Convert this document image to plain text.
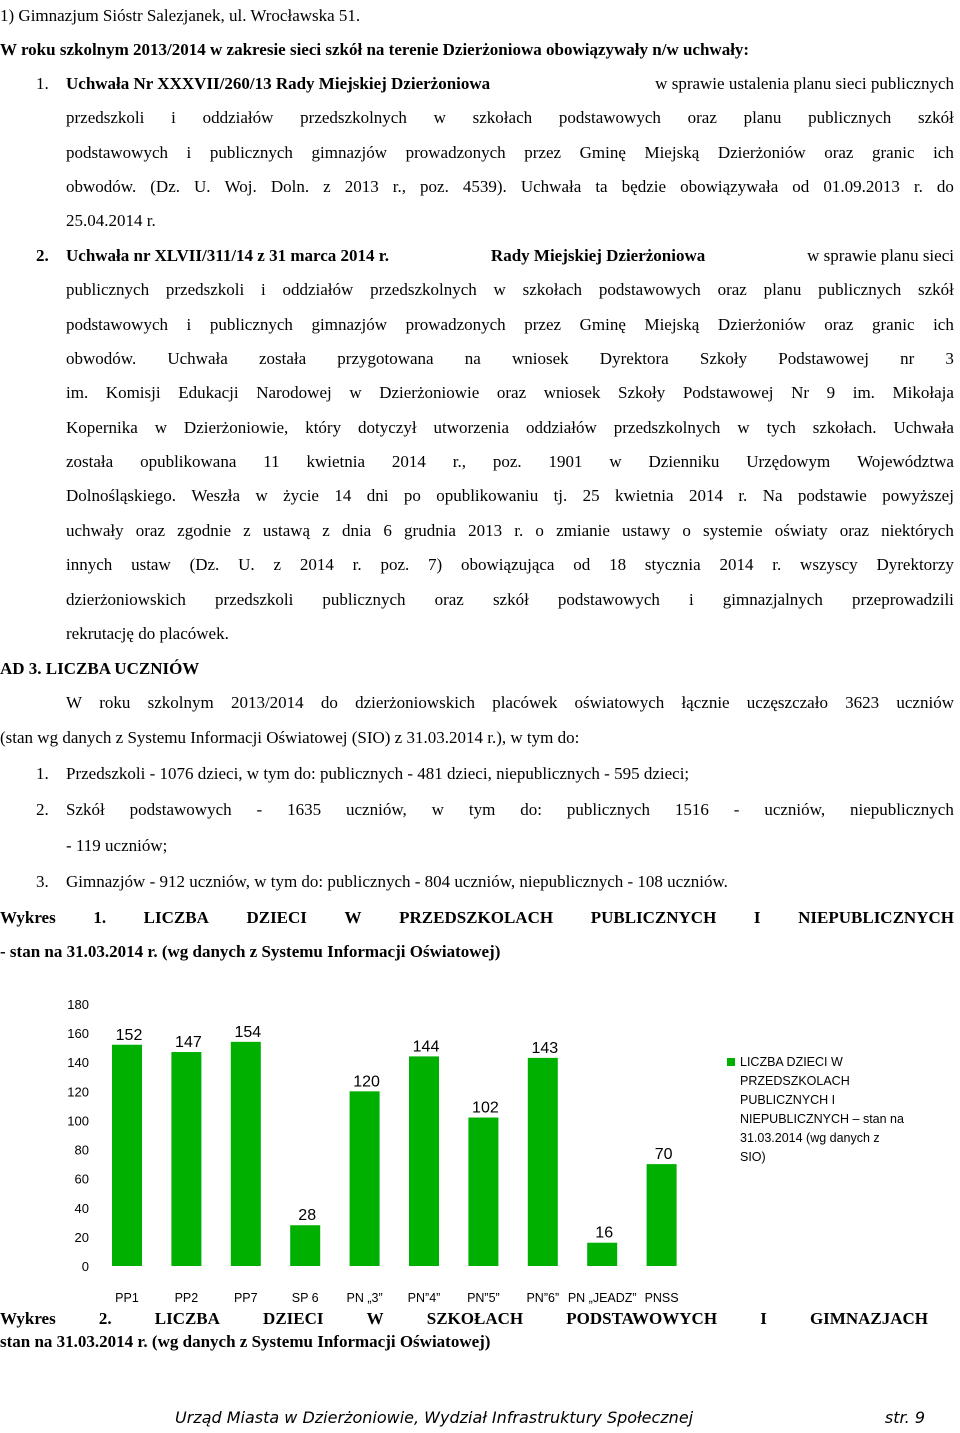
1) Gimnazjum Sióstr Salezjanek, ul. Wrocławska 51.
W roku szkolnym 2013/2014 w zakresie sieci szkół na terenie Dzierżoniowa obowiązywały n/w uchwały:
1. Uchwała Nr XXXVII/260/13 Rady Miejskiej Dzierżoniowa	w sprawie ustalenia planu sieci publicznych
przedszkoli i oddziałów przedszkolnych w szkołach podstawowych oraz planu publicznych szkół
podstawowych i publicznych gimnazjów prowadzonych przez Gminę Miejską Dzierżoniów oraz granic ich
obwodów. (Dz. U. Woj. Doln. z 2013 r., poz. 4539). Uchwała ta będzie obowiązywała od 01.09.2013 r. do
25.04.2014 r.
2. Uchwała nr XLVII/311/14 z 31 marca 2014 r.	Rady Miejskiej Dzierżoniowa	w sprawie planu sieci
publicznych przedszkoli i oddziałów przedszkolnych w szkołach podstawowych oraz planu publicznych szkół
podstawowych i publicznych gimnazjów prowadzonych przez Gminę Miejską Dzierżoniów oraz granic ich
obwodów. Uchwała została przygotowana na wniosek Dyrektora Szkoły Podstawowej nr 3
im. Komisji Edukacji Narodowej w Dzierżoniowie oraz wniosek Szkoły Podstawowej Nr 9 im. Mikołaja
Kopernika w Dzierżoniowie, który dotyczył utworzenia oddziałów przedszkolnych w tych szkołach. Uchwała
została opublikowana 11 kwietnia 2014 r., poz. 1901 w Dzienniku Urzędowym Województwa
Dolnośląskiego. Weszła w życie 14 dni po opublikowaniu tj. 25 kwietnia 2014 r. Na podstawie powyższej
uchwały oraz zgodnie z ustawą z dnia 6 grudnia 2013 r. o zmianie ustawy o systemie oświaty oraz niektórych
innych ustaw (Dz. U. z 2014 r. poz. 7) obowiązująca od 18 stycznia 2014 r. wszyscy Dyrektorzy
dzierżoniowskich przedszkoli publicznych oraz szkół podstawowych i gimnazjalnych przeprowadzili
rekrutację do placówek.
AD 3. LICZBA UCZNIÓW
W roku szkolnym 2013/2014 do dzierżoniowskich placówek oświatowych łącznie uczęszczało 3623 uczniów
(stan wg danych z Systemu Informacji Oświatowej (SIO) z 31.03.2014 r.), w tym do:
1. Przedszkoli - 1076 dzieci, w tym do: publicznych - 481 dzieci, niepublicznych - 595 dzieci;
2. Szkół podstawowych - 1635 uczniów, w tym do: publicznych 1516 - uczniów, niepublicznych
- 119 uczniów;
3. Gimnazjów - 912 uczniów, w tym do: publicznych - 804 uczniów, niepublicznych - 108 uczniów.
Wykres 1. LICZBA DZIECI W PRZEDSZKOLACH PUBLICZNYCH I NIEPUBLICZNYCH
- stan na 31.03.2014 r. (wg danych z Systemu Informacji Oświatowej)
0
20
40
60
80
100
120
140
160
180
152
PP1
147
PP2
154
PP7
28
SP 6
120
PN „3”
144
PN”4”
102
PN”5”
143
PN”6”
16
PN „JEADZ”
70
PNSS
LICZBA DZIECI W
PRZEDSZKOLACH
PUBLICZNYCH I
NIEPUBLICZNYCH – stan na
31.03.2014 (wg danych z
SIO)
Wykres	2.	LICZBA	DZIECI	W	SZKOŁACH	PODSTAWOWYCH	I	GIMNAZJACH
stan na 31.03.2014 r. (wg danych z Systemu Informacji Oświatowej)
Urząd Miasta w Dzierżoniowie, Wydział Infrastruktury Społecznej	str. 9
